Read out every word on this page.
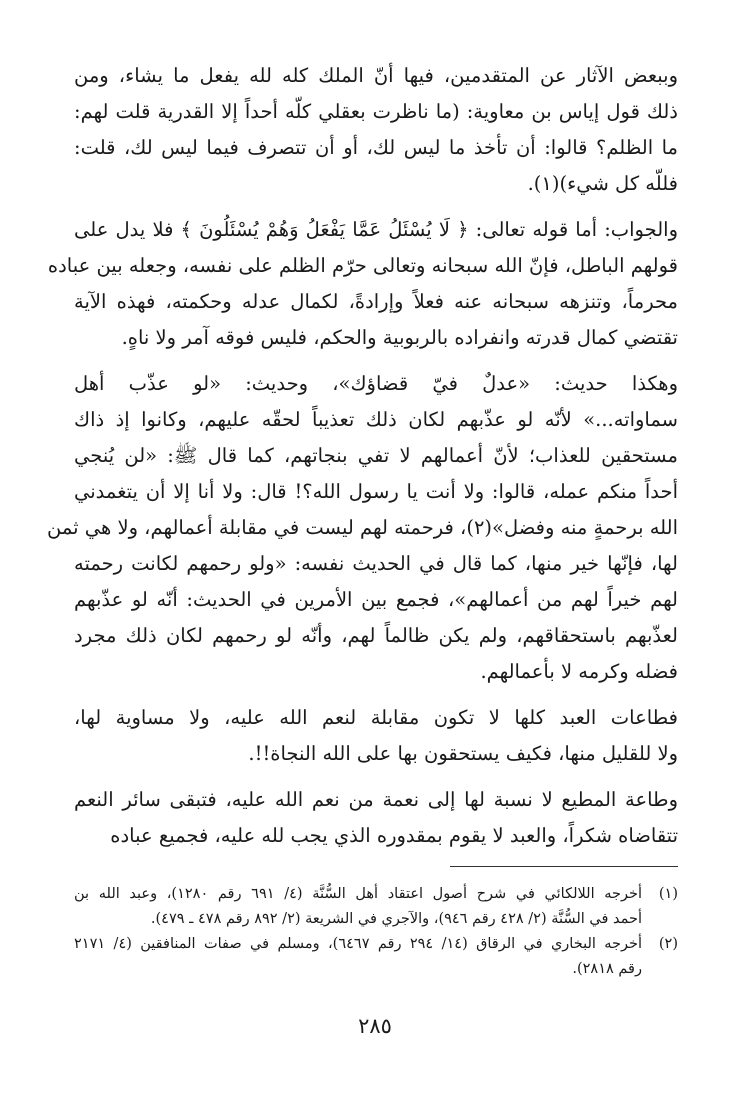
وببعض الآثار عن المتقدمين، فيها أنّ الملك كله لله يفعل ما يشاء، ومن
ذلك قول إياس بن معاوية: (ما ناظرت بعقلي كلّه أحداً إلا القدرية قلت لهم:
ما الظلم؟ قالوا: أن تأخذ ما ليس لك، أو أن تتصرف فيما ليس لك، قلت:
فللّه كل شيء)(١).
والجواب: أما قوله تعالى: ﴿ لَا يُسْئَلُ عَمَّا يَفْعَلُ وَهُمْ يُسْئَلُونَ ﴾ فلا يدل على
قولهم الباطل، فإنّ الله سبحانه وتعالى حرّم الظلم على نفسه، وجعله بين عباده
محرماً، وتنزهه سبحانه عنه فعلاً وإرادةً، لكمال عدله وحكمته، فهذه الآية
تقتضي كمال قدرته وانفراده بالربوبية والحكم، فليس فوقه آمر ولا ناهٍ.
وهكذا حديث: «عدلٌ فيّ قضاؤك»، وحديث: «لو عذّب أهل
سماواته...» لأنّه لو عذّبهم لكان ذلك تعذيباً لحقّه عليهم، وكانوا إذ ذاك
مستحقين للعذاب؛ لأنّ أعمالهم لا تفي بنجاتهم، كما قال ﷺ: «لن يُنجي
أحداً منكم عمله، قالوا: ولا أنت يا رسول الله؟! قال: ولا أنا إلا أن يتغمدني
الله برحمةٍ منه وفضل»(٢)، فرحمته لهم ليست في مقابلة أعمالهم، ولا هي ثمن
لها، فإنّها خير منها، كما قال في الحديث نفسه: «ولو رحمهم لكانت رحمته
لهم خيراً لهم من أعمالهم»، فجمع بين الأمرين في الحديث: أنّه لو عذّبهم
لعذّبهم باستحقاقهم، ولم يكن ظالماً لهم، وأنّه لو رحمهم لكان ذلك مجرد
فضله وكرمه لا بأعمالهم.
فطاعات العبد كلها لا تكون مقابلة لنعم الله عليه، ولا مساوية لها،
ولا للقليل منها، فكيف يستحقون بها على الله النجاة!!.
وطاعة المطيع لا نسبة لها إلى نعمة من نعم الله عليه، فتبقى سائر النعم
تتقاضاه شكراً، والعبد لا يقوم بمقدوره الذي يجب لله عليه، فجميع عباده
(١)
أخرجه اللالكائي في شرح أصول اعتقاد أهل السُّنَّة (٤/ ٦٩١ رقم ١٢٨٠)، وعبد الله بن
أحمد في السُّنَّة (٢/ ٤٢٨ رقم ٩٤٦)، والآجري في الشريعة (٢/ ٨٩٢ رقم ٤٧٨ ـ ٤٧٩).
(٢)
أخرجه البخاري في الرقاق (١٤/ ٢٩٤ رقم ٦٤٦٧)، ومسلم في صفات المنافقين (٤/ ٢١٧١
رقم ٢٨١٨).
٢٨٥
